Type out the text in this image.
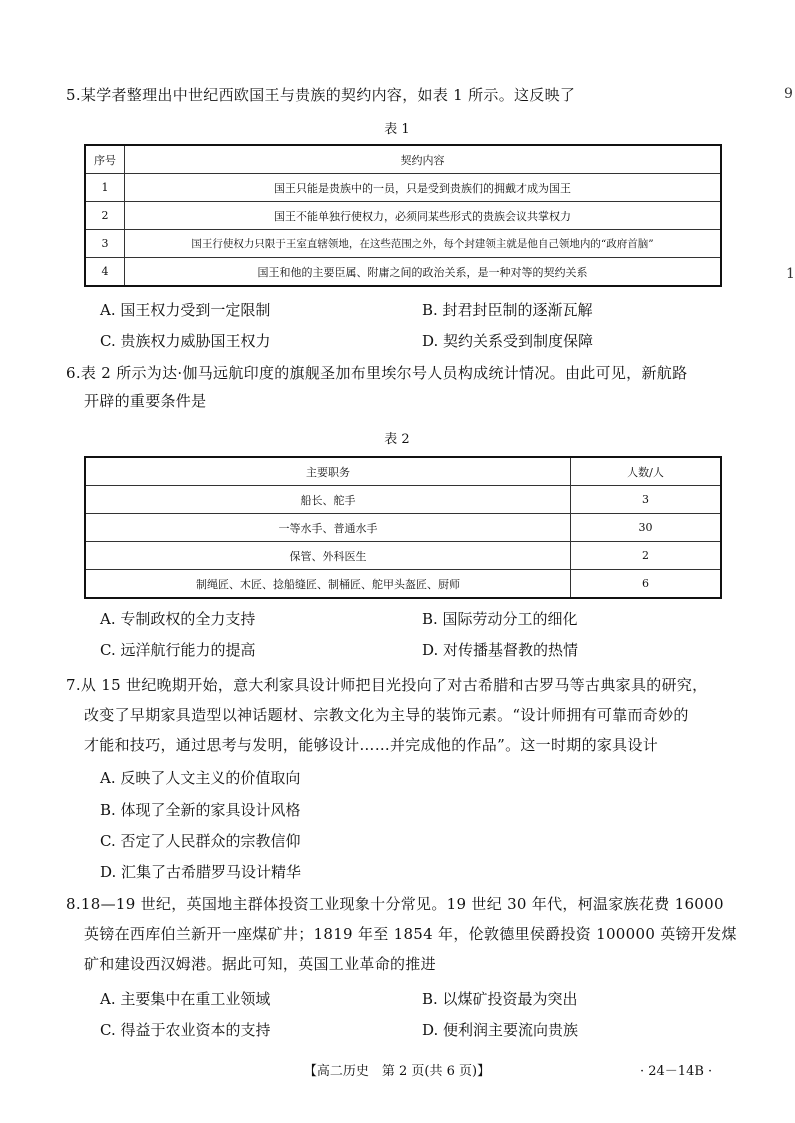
9
1
5.某学者整理出中世纪西欧国王与贵族的契约内容，如表 1 所示。这反映了
表 1
序号	契约内容
1	国王只能是贵族中的一员，只是受到贵族们的拥戴才成为国王
2	国王不能单独行使权力，必须同某些形式的贵族会议共掌权力
3	国王行使权力只限于王室直辖领地，在这些范围之外，每个封建领主就是他自己领地内的“政府首脑”
4	国王和他的主要臣属、附庸之间的政治关系，是一种对等的契约关系
A. 国王权力受到一定限制	B. 封君封臣制的逐渐瓦解
C. 贵族权力威胁国王权力	D. 契约关系受到制度保障
6.表 2 所示为达·伽马远航印度的旗舰圣加布里埃尔号人员构成统计情况。由此可见，新航路
开辟的重要条件是
表 2
主要职务	人数/人
船长、舵手	3
一等水手、普通水手	30
保管、外科医生	2
制绳匠、木匠、捻船缝匠、制桶匠、舵甲头盔匠、厨师	6
A. 专制政权的全力支持	B. 国际劳动分工的细化
C. 远洋航行能力的提高	D. 对传播基督教的热情
7.从 15 世纪晚期开始，意大利家具设计师把目光投向了对古希腊和古罗马等古典家具的研究，
改变了早期家具造型以神话题材、宗教文化为主导的装饰元素。“设计师拥有可靠而奇妙的
才能和技巧，通过思考与发明，能够设计……并完成他的作品”。这一时期的家具设计
A. 反映了人文主义的价值取向
B. 体现了全新的家具设计风格
C. 否定了人民群众的宗教信仰
D. 汇集了古希腊罗马设计精华
8.18—19 世纪，英国地主群体投资工业现象十分常见。19 世纪 30 年代，柯温家族花费 16000
英镑在西库伯兰新开一座煤矿井；1819 年至 1854 年，伦敦德里侯爵投资 100000 英镑开发煤
矿和建设西汉姆港。据此可知，英国工业革命的推进
A. 主要集中在重工业领域	B. 以煤矿投资最为突出
C. 得益于农业资本的支持	D. 便利润主要流向贵族
【高二历史　第 2 页(共 6 页)】	· 24－14B ·
